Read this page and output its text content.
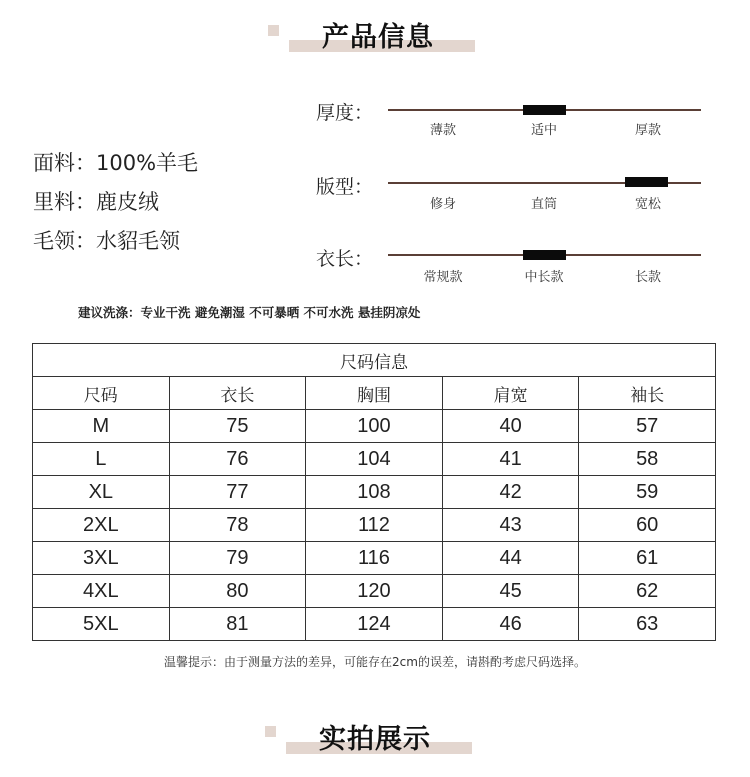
产品信息
面料：100%羊毛
里料：鹿皮绒
毛领：水貂毛领
厚度：
薄款	适中	厚款
版型：
修身	直筒	宽松
衣长：
常规款	中长款	长款
建议洗涤：专业干洗 避免潮湿 不可暴晒 不可水洗 悬挂阴凉处
尺码信息				
尺码	衣长	胸围	肩宽	袖长
M	75	100	40	57
L	76	104	41	58
XL	77	108	42	59
2XL	78	112	43	60
3XL	79	116	44	61
4XL	80	120	45	62
5XL	81	124	46	63
温馨提示：由于测量方法的差异，可能存在2cm的误差，请斟酌考虑尺码选择。
实拍展示
